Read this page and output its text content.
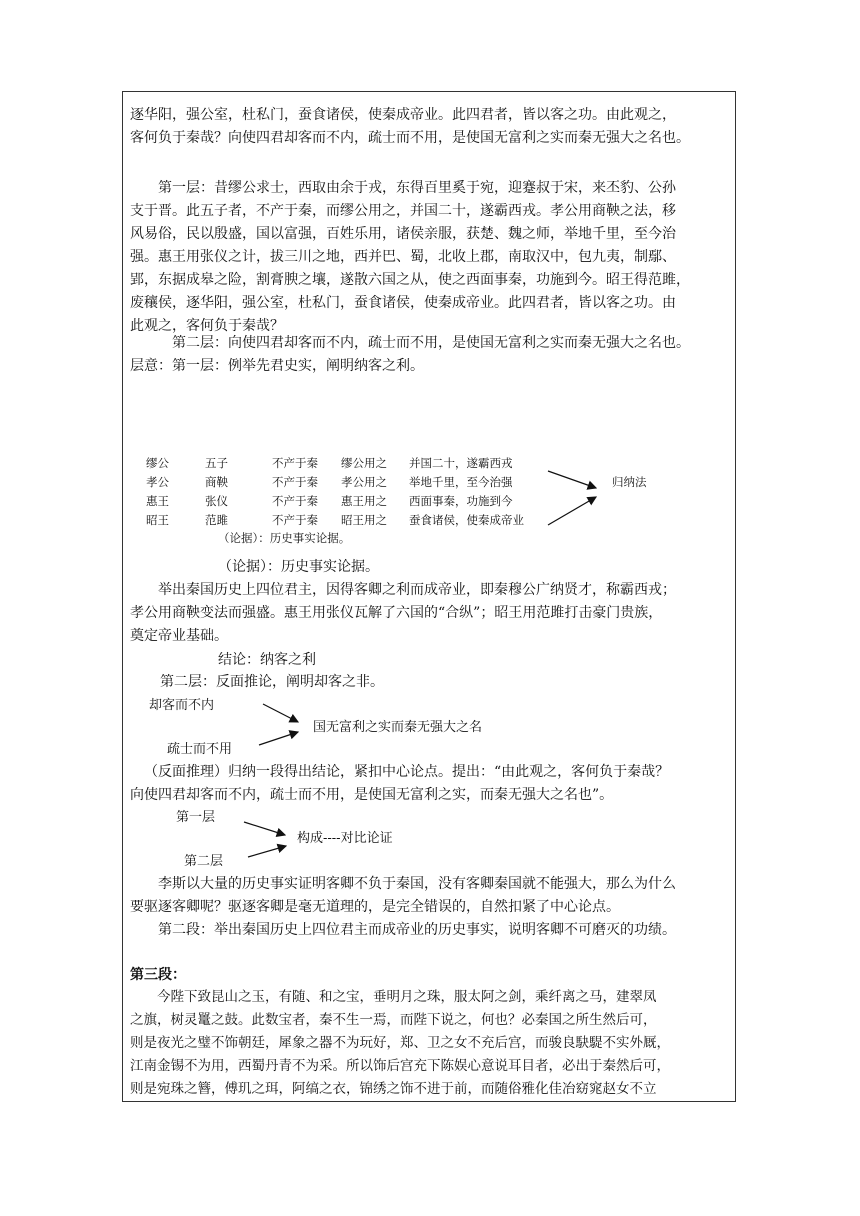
逐华阳，强公室，杜私门，蚕食诸侯，使秦成帝业。此四君者，皆以客之功。由此观之，
客何负于秦哉？向使四君却客而不内，疏士而不用，是使国无富利之实而秦无强大之名也。
　　第一层：昔缪公求士，西取由余于戎，东得百里奚于宛，迎蹇叔于宋，来丕豹、公孙
支于晋。此五子者，不产于秦，而缪公用之，并国二十，遂霸西戎。孝公用商鞅之法，移
风易俗，民以殷盛，国以富强，百姓乐用，诸侯亲服，获楚、魏之师，举地千里，至今治
强。惠王用张仪之计，拔三川之地，西并巴、蜀，北收上郡，南取汉中，包九夷，制鄢、
郢，东据成皋之险，割膏腴之壤，遂散六国之从，使之西面事秦，功施到今。昭王得范雎，
废穰侯，逐华阳，强公室，杜私门，蚕食诸侯，使秦成帝业。此四君者，皆以客之功。由
此观之，客何负于秦哉？
　　　第二层：向使四君却客而不内，疏士而不用，是使国无富利之实而秦无强大之名也。
层意：第一层：例举先君史实，阐明纳客之利。
缪公	五子	不产于秦 缪公用之 并国二十，遂霸西戎
孝公	商鞅	不产于秦 孝公用之 举地千里，至今治强
惠王	张仪	不产于秦 惠王用之 西面事秦，功施到今
昭王	范雎	不产于秦 昭王用之 蚕食诸侯，使秦成帝业
归纳法
（论据）：历史事实论据。
（论据）：历史事实论据。
　　举出秦国历史上四位君主，因得客卿之利而成帝业，即秦穆公广纳贤才，称霸西戎；
孝公用商鞅变法而强盛。惠王用张仪瓦解了六国的“合纵”；昭王用范雎打击豪门贵族，
奠定帝业基础。
结论：纳客之利
第二层：反面推论，阐明却客之非。
却客而不内
疏士而不用
国无富利之实而秦无强大之名
（反面推理）归纳一段得出结论，紧扣中心论点。提出：“由此观之，客何负于秦哉？
向使四君却客而不内，疏士而不用，是使国无富利之实，而秦无强大之名也”。
第一层
第二层
构成----对比论证
　　李斯以大量的历史事实证明客卿不负于秦国，没有客卿秦国就不能强大，那么为什么
要驱逐客卿呢？驱逐客卿是毫无道理的，是完全错误的，自然扣紧了中心论点。
　　第二段：举出秦国历史上四位君主而成帝业的历史事实，说明客卿不可磨灭的功绩。
第三段：
　　今陛下致昆山之玉，有随、和之宝，垂明月之珠，服太阿之剑，乘纤离之马，建翠凤
之旗，树灵鼍之鼓。此数宝者，秦不生一焉，而陛下说之，何也？必秦国之所生然后可，
则是夜光之璧不饰朝廷，犀象之器不为玩好，郑、卫之女不充后宫，而骏良駃騠不实外厩，
江南金锡不为用，西蜀丹青不为采。所以饰后宫充下陈娱心意说耳目者，必出于秦然后可，
则是宛珠之簪，傅玑之珥，阿缟之衣，锦绣之饰不进于前，而随俗雅化佳冶窈窕赵女不立
